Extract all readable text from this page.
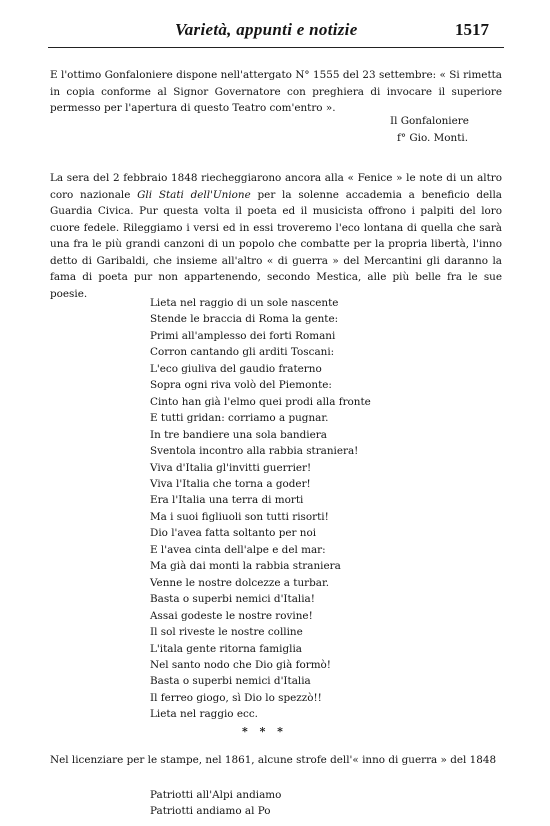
Varietà, appunti e notizie	1517
E l'ottimo Gonfaloniere dispone nell'attergato N° 1555 del 23 settembre: « Si rimetta in copia conforme al Signor Governatore con preghiera di invocare il superiore permesso per l'apertura di questo Teatro com'entro ».
Il Gonfaloniere
f° Gio. Monti.
La sera del 2 febbraio 1848 riecheggiarono ancora alla « Fenice » le note di un altro coro nazionale Gli Stati dell'Unione per la solenne accademia a beneficio della Guardia Civica. Pur questa volta il poeta ed il musicista offrono i palpiti del loro cuore fedele. Rileggiamo i versi ed in essi troveremo l'eco lontana di quella che sarà una fra le più grandi canzoni di un popolo che combatte per la propria libertà, l'inno detto di Garibaldi, che insieme all'altro « di guerra » del Mercantini gli daranno la fama di poeta pur non appartenendo, secondo Mestica, alle più belle fra le sue poesie.
Lieta nel raggio di un sole nascente
Stende le braccia di Roma la gente:
Primi all'amplesso dei forti Romani
Corron cantando gli arditi Toscani:
L'eco giuliva del gaudio fraterno
Sopra ogni riva volò del Piemonte:
Cinto han già l'elmo quei prodi alla fronte
E tutti gridan: corriamo a pugnar.
In tre bandiere una sola bandiera
Sventola incontro alla rabbia straniera!
Viva d'Italia gl'invitti guerrier!
Viva l'Italia che torna a goder!
Era l'Italia una terra di morti
Ma i suoi figliuoli son tutti risorti!
Dio l'avea fatta soltanto per noi
E l'avea cinta dell'alpe e del mar:
Ma già dai monti la rabbia straniera
Venne le nostre dolcezze a turbar.
Basta o superbi nemici d'Italia!
Assai godeste le nostre rovine!
Il sol riveste le nostre colline
L'itala gente ritorna famiglia
Nel santo nodo che Dio già formò!
Basta o superbi nemici d'Italia
Il ferreo giogo, sì Dio lo spezzò!!
Lieta nel raggio ecc.
* * *
Nel licenziare per le stampe, nel 1861, alcune strofe dell'« inno di guerra » del 1848
Patriotti all'Alpi andiamo
Patriotti andiamo al Po
